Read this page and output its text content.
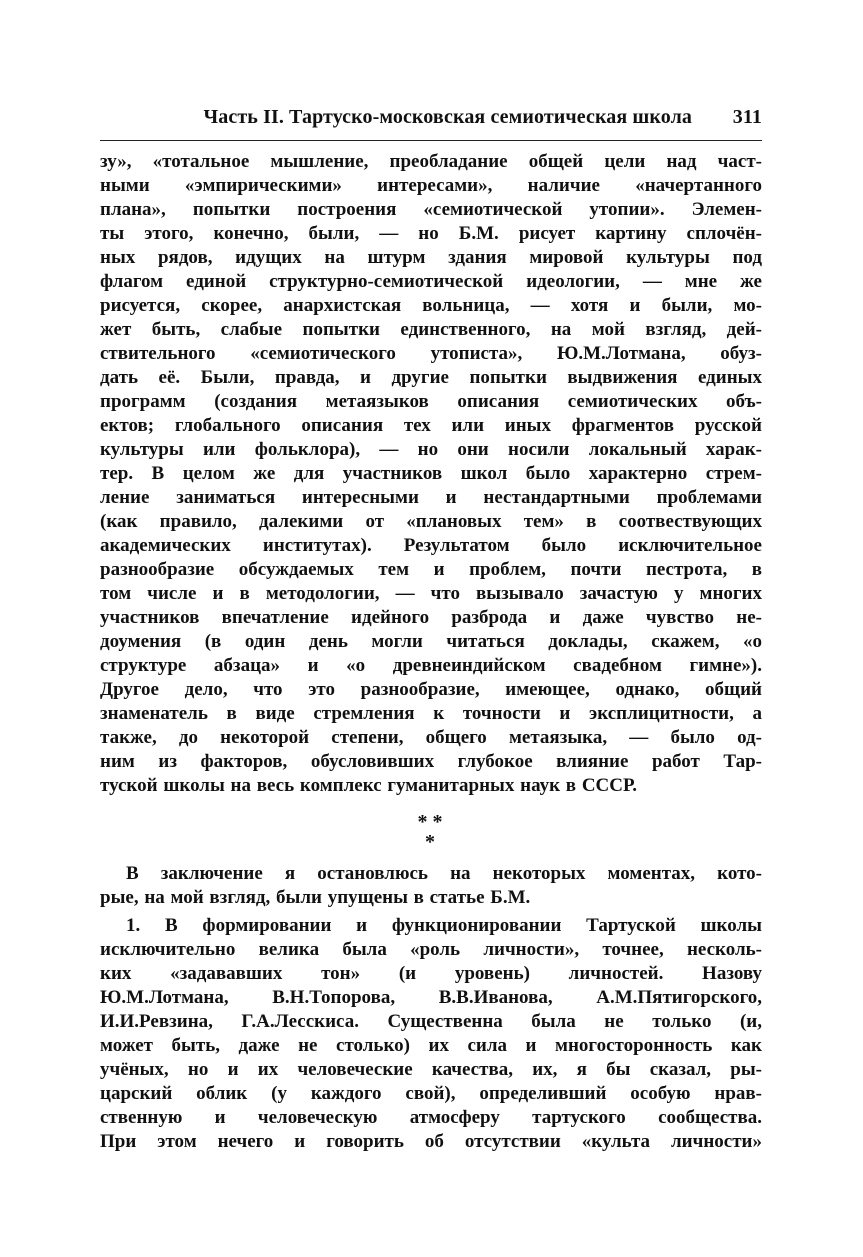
Часть II. Тартуско-московская семиотическая школа 311
зу», «тотальное мышление, преобладание общей цели над част-
ными «эмпирическими» интересами», наличие «начертанного
плана», попытки построения «семиотической утопии». Элемен-
ты этого, конечно, были, — но Б.М. рисует картину сплочён-
ных рядов, идущих на штурм здания мировой культуры под
флагом единой структурно-семиотической идеологии, — мне же
рисуется, скорее, анархистская вольница, — хотя и были, мо-
жет быть, слабые попытки единственного, на мой взгляд, дей-
ствительного «семиотического утописта», Ю.М.Лотмана, обуз-
дать её. Были, правда, и другие попытки выдвижения единых
программ (создания метаязыков описания семиотических объ-
ектов; глобального описания тех или иных фрагментов русской
культуры или фольклора), — но они носили локальный харак-
тер. В целом же для участников школ было характерно стрем-
ление заниматься интересными и нестандартными проблемами
(как правило, далекими от «плановых тем» в соотвествующих
академических институтах). Результатом было исключительное
разнообразие обсуждаемых тем и проблем, почти пестрота, в
том числе и в методологии, — что вызывало зачастую у многих
участников впечатление идейного разброда и даже чувство не-
доумения (в один день могли читаться доклады, скажем, «о
структуре абзаца» и «о древнеиндийском свадебном гимне»).
Другое дело, что это разнообразие, имеющее, однако, общий
знаменатель в виде стремления к точности и эксплицитности, а
также, до некоторой степени, общего метаязыка, — было од-
ним из факторов, обусловивших глубокое влияние работ Тар-
туской школы на весь комплекс гуманитарных наук в СССР.
* *
*
В заключение я остановлюсь на некоторых моментах, кото-
рые, на мой взгляд, были упущены в статье Б.М.
1. В формировании и функционировании Тартуской школы
исключительно велика была «роль личности», точнее, несколь-
ких «задававших тон» (и уровень) личностей. Назову
Ю.М.Лотмана, В.Н.Топорова, В.В.Иванова, А.М.Пятигорского,
И.И.Ревзина, Г.А.Лесскиса. Существенна была не только (и,
может быть, даже не столько) их сила и многосторонность как
учёных, но и их человеческие качества, их, я бы сказал, ры-
царский облик (у каждого свой), определивший особую нрав-
ственную и человеческую атмосферу тартуского сообщества.
При этом нечего и говорить об отсутствии «культа личности»
